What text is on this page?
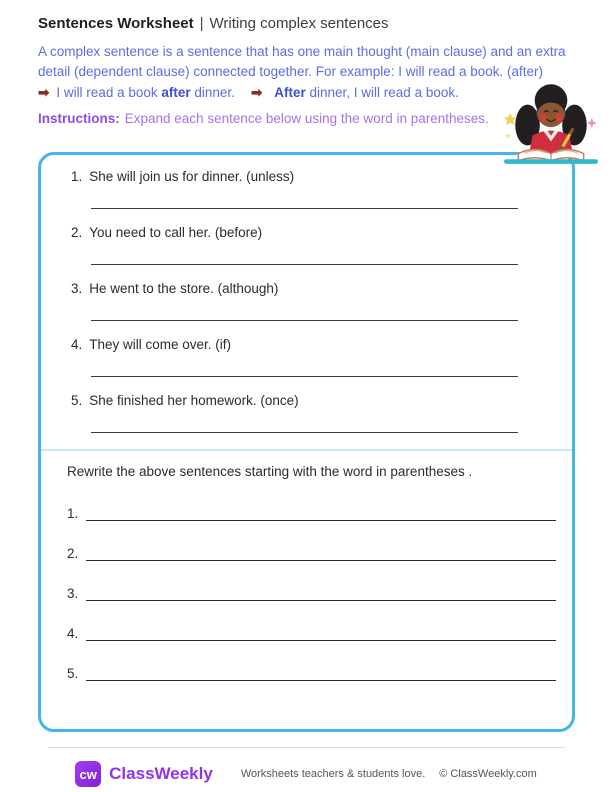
Sentences Worksheet | Writing complex sentences
A complex sentence is a sentence that has one main thought (main clause) and an extra detail (dependent clause) connected together. For example: I will read a book. (after)
➡ I will read a book after dinner. ➡ After dinner, I will read a book.
Instructions: Expand each sentence below using the word in parentheses.
1. She will join us for dinner. (unless)
2. You need to call her. (before)
3. He went to the store. (although)
4. They will come over. (if)
5. She finished her homework. (once)
Rewrite the above sentences starting with the word in parentheses .
1.
2.
3.
4.
5.
cw ClassWeekly	Worksheets teachers & students love. © ClassWeekly.com
